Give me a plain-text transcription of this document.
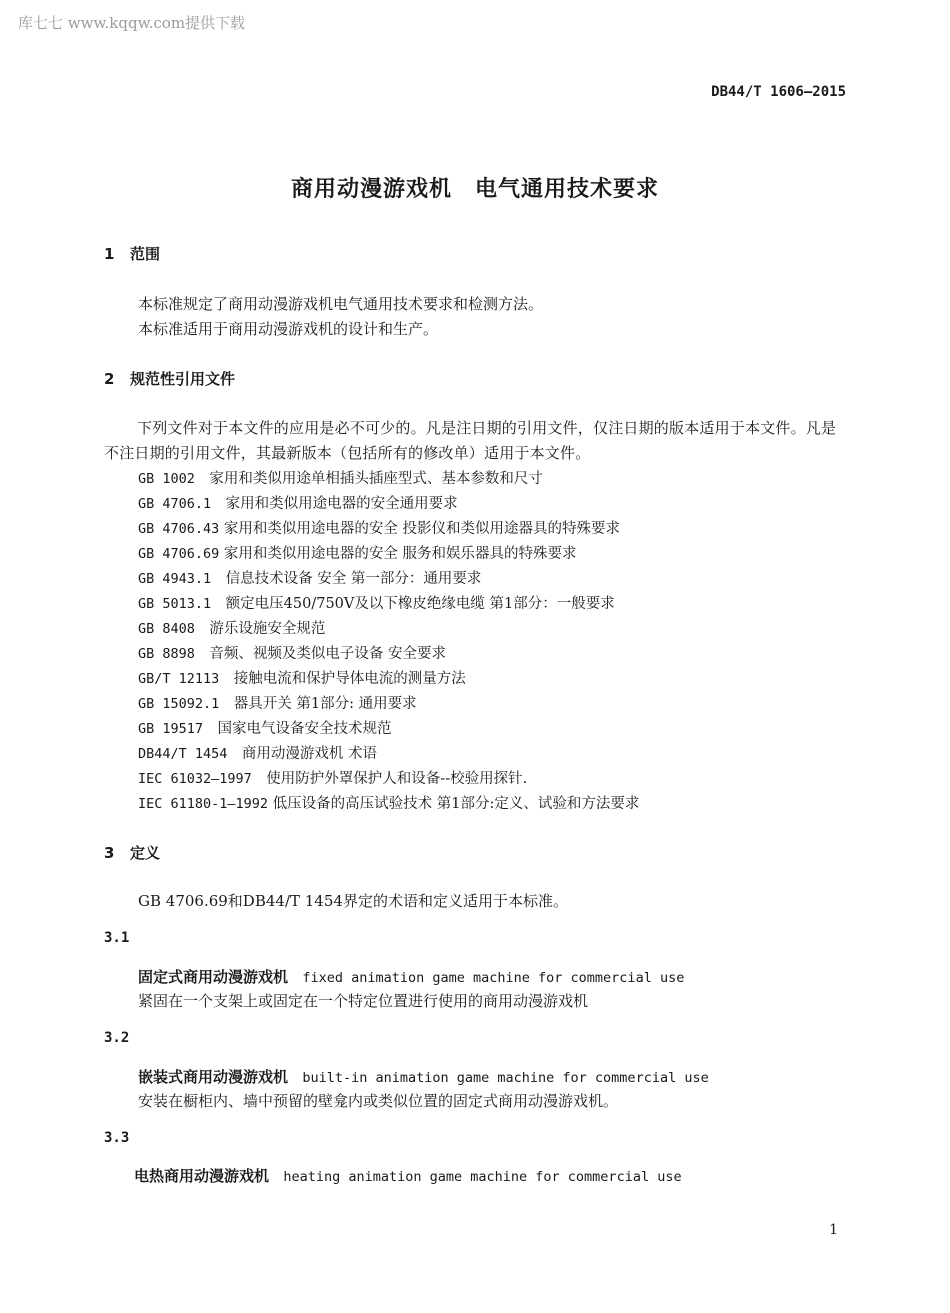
库七七 www.kqqw.com提供下载
DB44/T 1606—2015
商用动漫游戏机　电气通用技术要求
1 范围
本标准规定了商用动漫游戏机电气通用技术要求和检测方法。
本标准适用于商用动漫游戏机的设计和生产。
2 规范性引用文件
下列文件对于本文件的应用是必不可少的。凡是注日期的引用文件，仅注日期的版本适用于本文件。凡是不注日期的引用文件，其最新版本（包括所有的修改单）适用于本文件。
GB 1002　 家用和类似用途单相插头插座型式、基本参数和尺寸
GB 4706.1　 家用和类似用途电器的安全通用要求
GB 4706.43 家用和类似用途电器的安全 投影仪和类似用途器具的特殊要求
GB 4706.69 家用和类似用途电器的安全 服务和娱乐器具的特殊要求
GB 4943.1　 信息技术设备 安全 第一部分：通用要求
GB 5013.1　 额定电压450/750V及以下橡皮绝缘电缆 第1部分：一般要求
GB 8408　 游乐设施安全规范
GB 8898　 音频、视频及类似电子设备 安全要求
GB/T 12113　 接触电流和保护导体电流的测量方法
GB 15092.1　 器具开关 第1部分: 通用要求
GB 19517　 国家电气设备安全技术规范
DB44/T 1454　 商用动漫游戏机 术语
IEC 61032—1997　 使用防护外罩保护人和设备--校验用探针.
IEC 61180-1—1992 低压设备的高压试验技术 第1部分:定义、试验和方法要求
3 定义
GB 4706.69和DB44/T 1454界定的术语和定义适用于本标准。
3.1
固定式商用动漫游戏机 fixed animation game machine for commercial use
紧固在一个支架上或固定在一个特定位置进行使用的商用动漫游戏机
3.2
嵌装式商用动漫游戏机 built-in animation game machine for commercial use
安装在橱柜内、墙中预留的壁龛内或类似位置的固定式商用动漫游戏机。
3.3
电热商用动漫游戏机 heating animation game machine for commercial use
1
